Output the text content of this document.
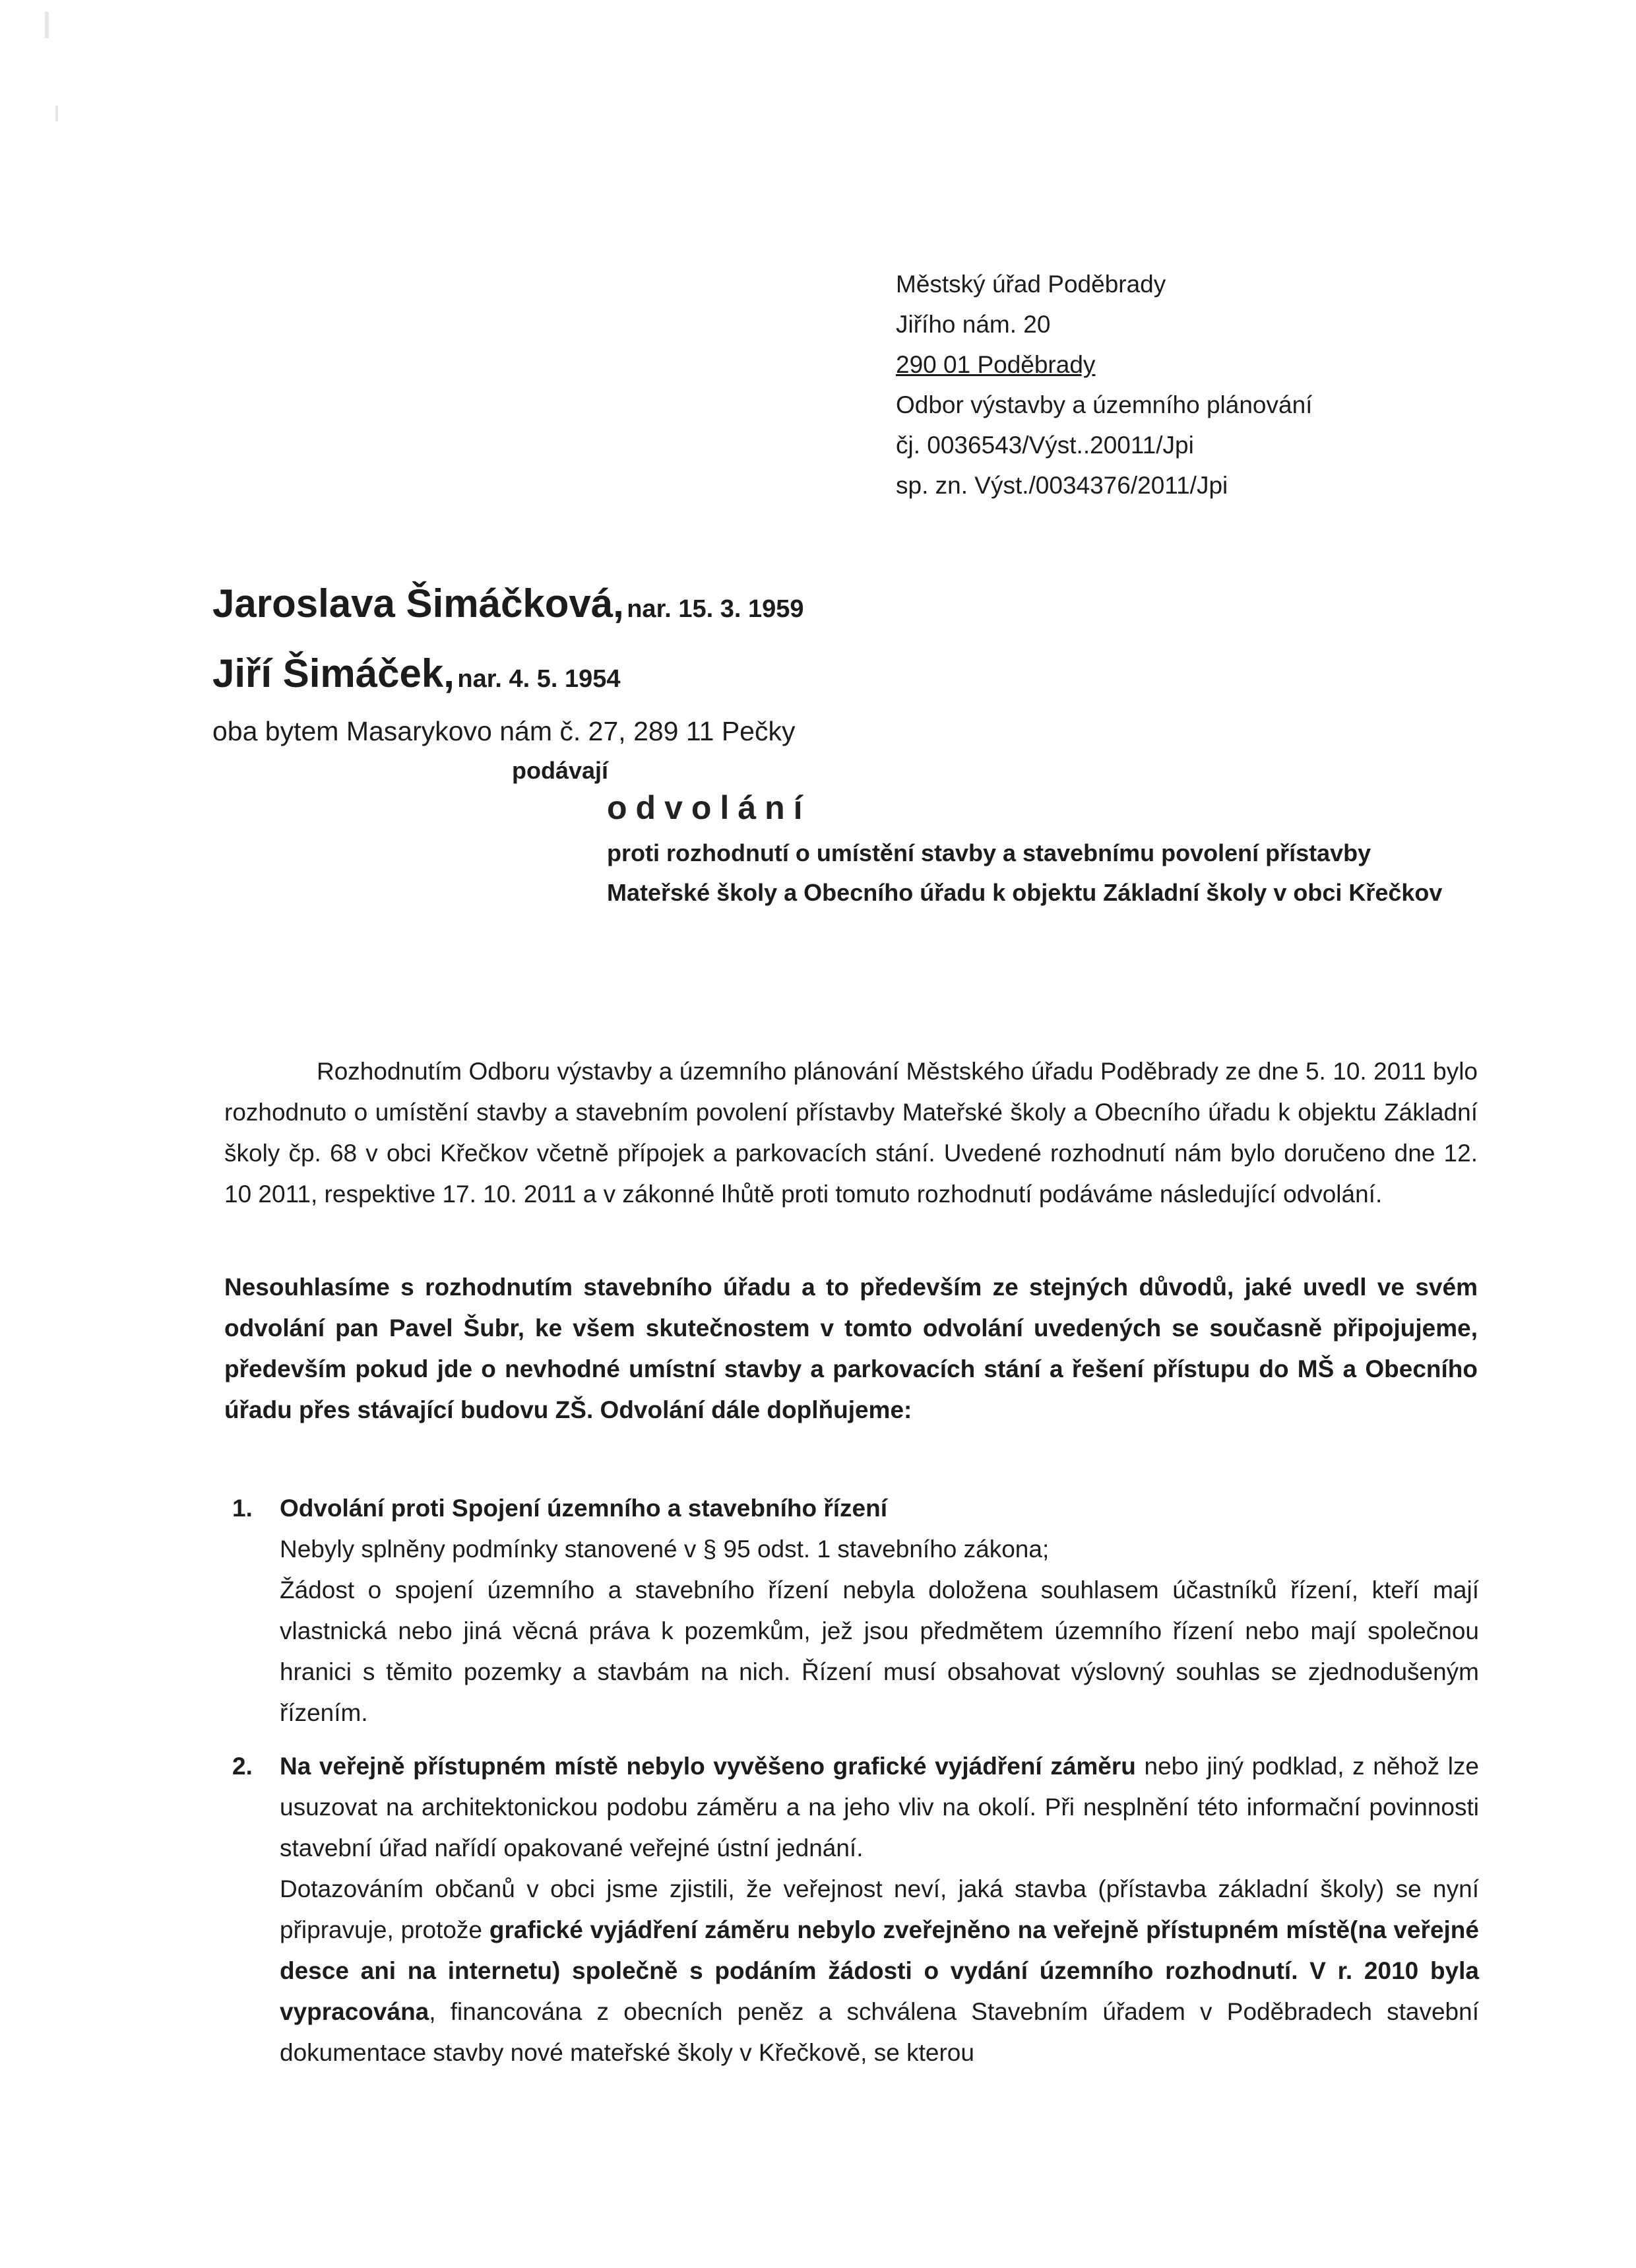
Městský úřad Poděbrady
Jiřího nám. 20
290 01 Poděbrady
Odbor výstavby a územního plánování
čj. 0036543/Výst..20011/Jpi
sp. zn. Výst./0034376/2011/Jpi
Jaroslava Šimáčková, nar. 15. 3. 1959
Jiří Šimáček, nar. 4. 5. 1954
oba bytem Masarykovo nám č. 27, 289 11 Pečky
podávají
odvolání
proti rozhodnutí o umístění stavby a stavebnímu povolení přístavby Mateřské školy a Obecního úřadu k objektu Základní školy v obci Křečkov
Rozhodnutím Odboru výstavby a územního plánování Městského úřadu Poděbrady ze dne 5. 10. 2011 bylo rozhodnuto o umístění stavby a stavebním povolení přístavby Mateřské školy a Obecního úřadu k objektu Základní školy čp. 68 v obci Křečkov včetně přípojek a parkovacích stání. Uvedené rozhodnutí nám bylo doručeno dne 12. 10 2011, respektive 17. 10. 2011 a v zákonné lhůtě proti tomuto rozhodnutí podáváme následující odvolání.
Nesouhlasíme s rozhodnutím stavebního úřadu a to především ze stejných důvodů, jaké uvedl ve svém odvolání pan Pavel Šubr, ke všem skutečnostem v tomto odvolání uvedených se současně připojujeme, především pokud jde o nevhodné umístní stavby a parkovacích stání a řešení přístupu do MŠ a Obecního úřadu přes stávající budovu ZŠ. Odvolání dále doplňujeme:
1. Odvolání proti Spojení územního a stavebního řízení
Nebyly splněny podmínky stanovené v § 95 odst. 1 stavebního zákona;
Žádost o spojení územního a stavebního řízení nebyla doložena souhlasem účastníků řízení, kteří mají vlastnická nebo jiná věcná práva k pozemkům, jež jsou předmětem územního řízení nebo mají společnou hranici s těmito pozemky a stavbám na nich. Řízení musí obsahovat výslovný souhlas se zjednodušeným řízením.
2. Na veřejně přístupném místě nebylo vyvěšeno grafické vyjádření záměru nebo jiný podklad, z něhož lze usuzovat na architektonickou podobu záměru a na jeho vliv na okolí. Při nesplnění této informační povinnosti stavební úřad nařídí opakované veřejné ústní jednání.
Dotazováním občanů v obci jsme zjistili, že veřejnost neví, jaká stavba (přístavba základní školy) se nyní připravuje, protože grafické vyjádření záměru nebylo zveřejněno na veřejně přístupném místě(na veřejné desce ani na internetu) společně s podáním žádosti o vydání územního rozhodnutí. V r. 2010 byla vypracována, financována z obecních peněz a schválena Stavebním úřadem v Poděbradech stavební dokumentace stavby nové mateřské školy v Křečkově, se kterou
